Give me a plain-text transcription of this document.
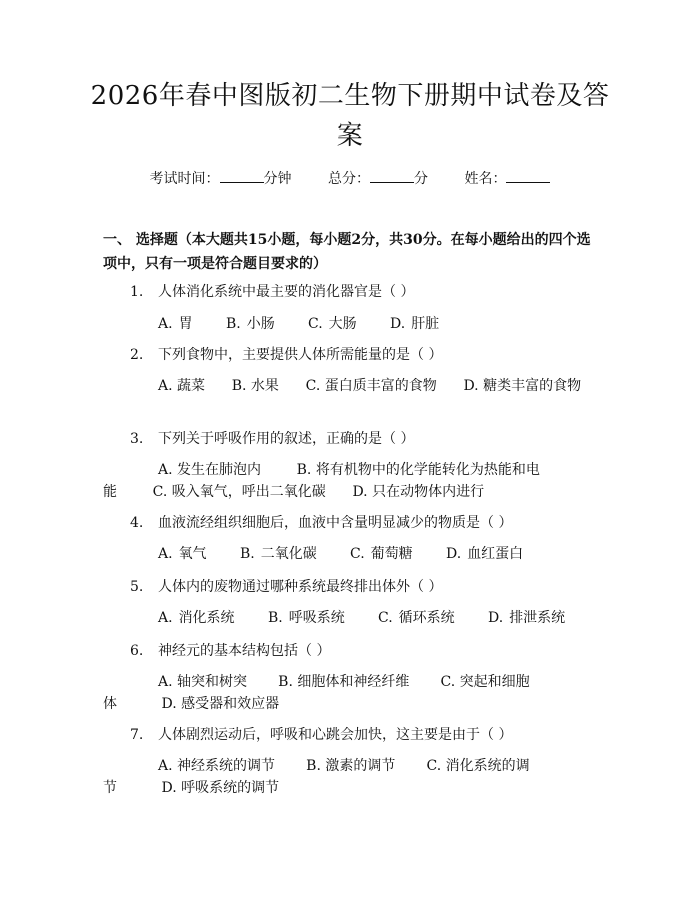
2026年春中图版初二生物下册期中试卷及答案
考试时间：	分钟	总分：	分	姓名：
一、 选择题（本大题共15小题，每小题2分，共30分。在每小题给出的四个选项中，只有一项是符合题目要求的）
1. 人体消化系统中最主要的消化器官是（ ）
A. 胃 B. 小肠 C. 大肠 D. 肝脏
2. 下列食物中，主要提供人体所需能量的是（ ）
A. 蔬菜 B. 水果 C. 蛋白质丰富的食物 D. 糖类丰富的食物
3. 下列关于呼吸作用的叙述，正确的是（ ）
A. 发生在肺泡内	B. 将有机物中的化学能转化为热能和电能	C. 吸入氧气，呼出二氧化碳 D. 只在动物体内进行
4. 血液流经组织细胞后，血液中含量明显减少的物质是（ ）
A. 氧气 B. 二氧化碳 C. 葡萄糖 D. 血红蛋白
5. 人体内的废物通过哪种系统最终排出体外（ ）
A. 消化系统 B. 呼吸系统 C. 循环系统 D. 排泄系统
6. 神经元的基本结构包括（ ）
A. 轴突和树突 B. 细胞体和神经纤维 C. 突起和细胞体	D. 感受器和效应器
7. 人体剧烈运动后，呼吸和心跳会加快，这主要是由于（ ）
A. 神经系统的调节 B. 激素的调节 C. 消化系统的调节	D. 呼吸系统的调节
